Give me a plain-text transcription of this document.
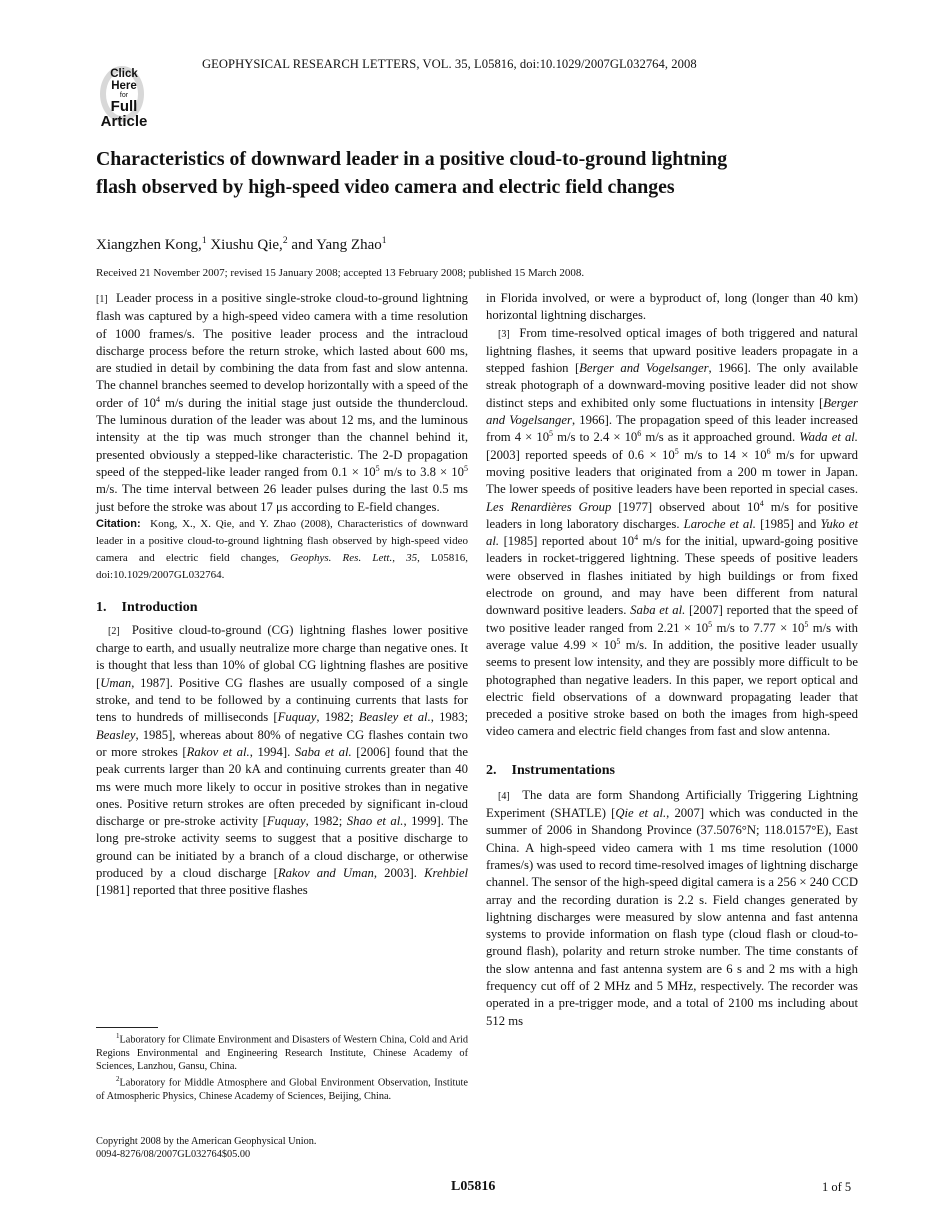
GEOPHYSICAL RESEARCH LETTERS, VOL. 35, L05816, doi:10.1029/2007GL032764, 2008
Click
Here
for
Full
Article
Characteristics of downward leader in a positive cloud-to-ground lightning flash observed by high-speed video camera and electric field changes
Xiangzhen Kong,$^1$ Xiushu Qie,$^2$ and Yang Zhao$^1$
Received 21 November 2007; revised 15 January 2008; accepted 13 February 2008; published 15 March 2008.

[1] Leader process in a positive single-stroke cloud-to-ground lightning flash was captured by a high-speed video camera with a time resolution of 1000 frames/s. The positive leader process and the intracloud discharge process before the return stroke, which lasted about 600 ms, are studied in detail by combining the data from fast and slow antenna. The channel branches seemed to develop horizontally with a speed of the order of $10^4$ m/s during the initial stage just outside the thundercloud. The luminous duration of the leader was about 12 ms, and the luminous intensity at the tip was much stronger than the channel behind it, presented obviously a stepped-like characteristic. The 2-D propagation speed of the stepped-like leader ranged from $0.1 \times 10^5$ m/s to $3.8 \times 10^5$ m/s. The time interval between 26 leader pulses during the last 0.5 ms just before the stroke was about 17 μs according to E-field changes.

Citation: Kong, X., X. Qie, and Y. Zhao (2008), Characteristics of downward leader in a positive cloud-to-ground lightning flash observed by high-speed video camera and electric field changes, Geophys. Res. Lett., 35, L05816, doi:10.1029/2007GL032764.

1. Introduction

[2] Positive cloud-to-ground (CG) lightning flashes lower positive charge to earth, and usually neutralize more charge than negative ones. It is thought that less than 10% of global CG lightning flashes are positive [Uman, 1987]. Positive CG flashes are usually composed of a single stroke, and tend to be followed by a continuing currents that lasts for tens to hundreds of milliseconds [Fuquay, 1982; Beasley et al., 1983; Beasley, 1985], whereas about 80% of negative CG flashes contain two or more strokes [Rakov et al., 1994]. Saba et al. [2006] found that the peak currents larger than 20 kA and continuing currents greater than 40 ms were much more likely to occur in positive strokes than in negative ones. Positive return strokes are often preceded by significant in-cloud discharge or pre-stroke activity [Fuquay, 1982; Shao et al., 1999]. The long pre-stroke activity seems to suggest that a positive discharge to ground can be initiated by a branch of a cloud discharge, or otherwise produced by a cloud discharge [Rakov and Uman, 2003]. Krehbiel [1981] reported that three positive flashes

in Florida involved, or were a byproduct of, long (longer than 40 km) horizontal lightning discharges.

[3] From time-resolved optical images of both triggered and natural lightning flashes, it seems that upward positive leaders propagate in a stepped fashion [Berger and Vogelsanger, 1966]. The only available streak photograph of a downward-moving positive leader did not show distinct steps and exhibited only some fluctuations in intensity [Berger and Vogelsanger, 1966]. The propagation speed of this leader increased from $4 \times 10^5$ m/s to $2.4 \times 10^6$ m/s as it approached ground. Wada et al. [2003] reported speeds of $0.6 \times 10^5$ m/s to $14 \times 10^6$ m/s for upward moving positive leaders that originated from a 200 m tower in Japan. The lower speeds of positive leaders have been reported in special cases. Les Renardières Group [1977] observed about $10^4$ m/s for positive leaders in long laboratory discharges. Laroche et al. [1985] and Yuko et al. [1985] reported about $10^4$ m/s for the initial, upward-going positive leaders in rocket-triggered lightning. These speeds of positive leaders were observed in flashes initiated by high buildings or from fixed electrode on ground, and may have been different from natural downward positive leaders. Saba et al. [2007] reported that the speed of two positive leader ranged from $2.21 \times 10^5$ m/s to $7.77 \times 10^5$ m/s with average value $4.99 \times 10^5$ m/s. In addition, the positive leader usually seems to present low intensity, and they are possibly more difficult to be photographed than negative leaders. In this paper, we report optical and electric field observations of a downward propagating leader that preceded a positive stroke based on both the images from high-speed video camera and electric field changes from fast and slow antenna.

2. Instrumentations

[4] The data are form Shandong Artificially Triggering Lightning Experiment (SHATLE) [Qie et al., 2007] which was conducted in the summer of 2006 in Shandong Province (37.5076°N; 118.0157°E), East China. A high-speed video camera with 1 ms time resolution (1000 frames/s) was used to record time-resolved images of lightning discharge channel. The sensor of the high-speed digital camera is a 256 × 240 CCD array and the recording duration is 2.2 s. Field changes generated by lightning discharges were measured by slow antenna and fast antenna systems to provide information on flash type (cloud flash or cloud-to-ground flash), polarity and return stroke number. The time constants of the slow antenna and fast antenna system are 6 s and 2 ms with a high frequency cut off of 2 MHz and 5 MHz, respectively. The recorder was operated in a pre-trigger mode, and a total of 2100 ms including about 512 ms

$^1$Laboratory for Climate Environment and Disasters of Western China, Cold and Arid Regions Environmental and Engineering Research Institute, Chinese Academy of Sciences, Lanzhou, Gansu, China.

$^2$Laboratory for Middle Atmosphere and Global Environment Observation, Institute of Atmospheric Physics, Chinese Academy of Sciences, Beijing, China.

Copyright 2008 by the American Geophysical Union.
0094-8276/08/2007GL032764$05.00
L05816	1 of 5
